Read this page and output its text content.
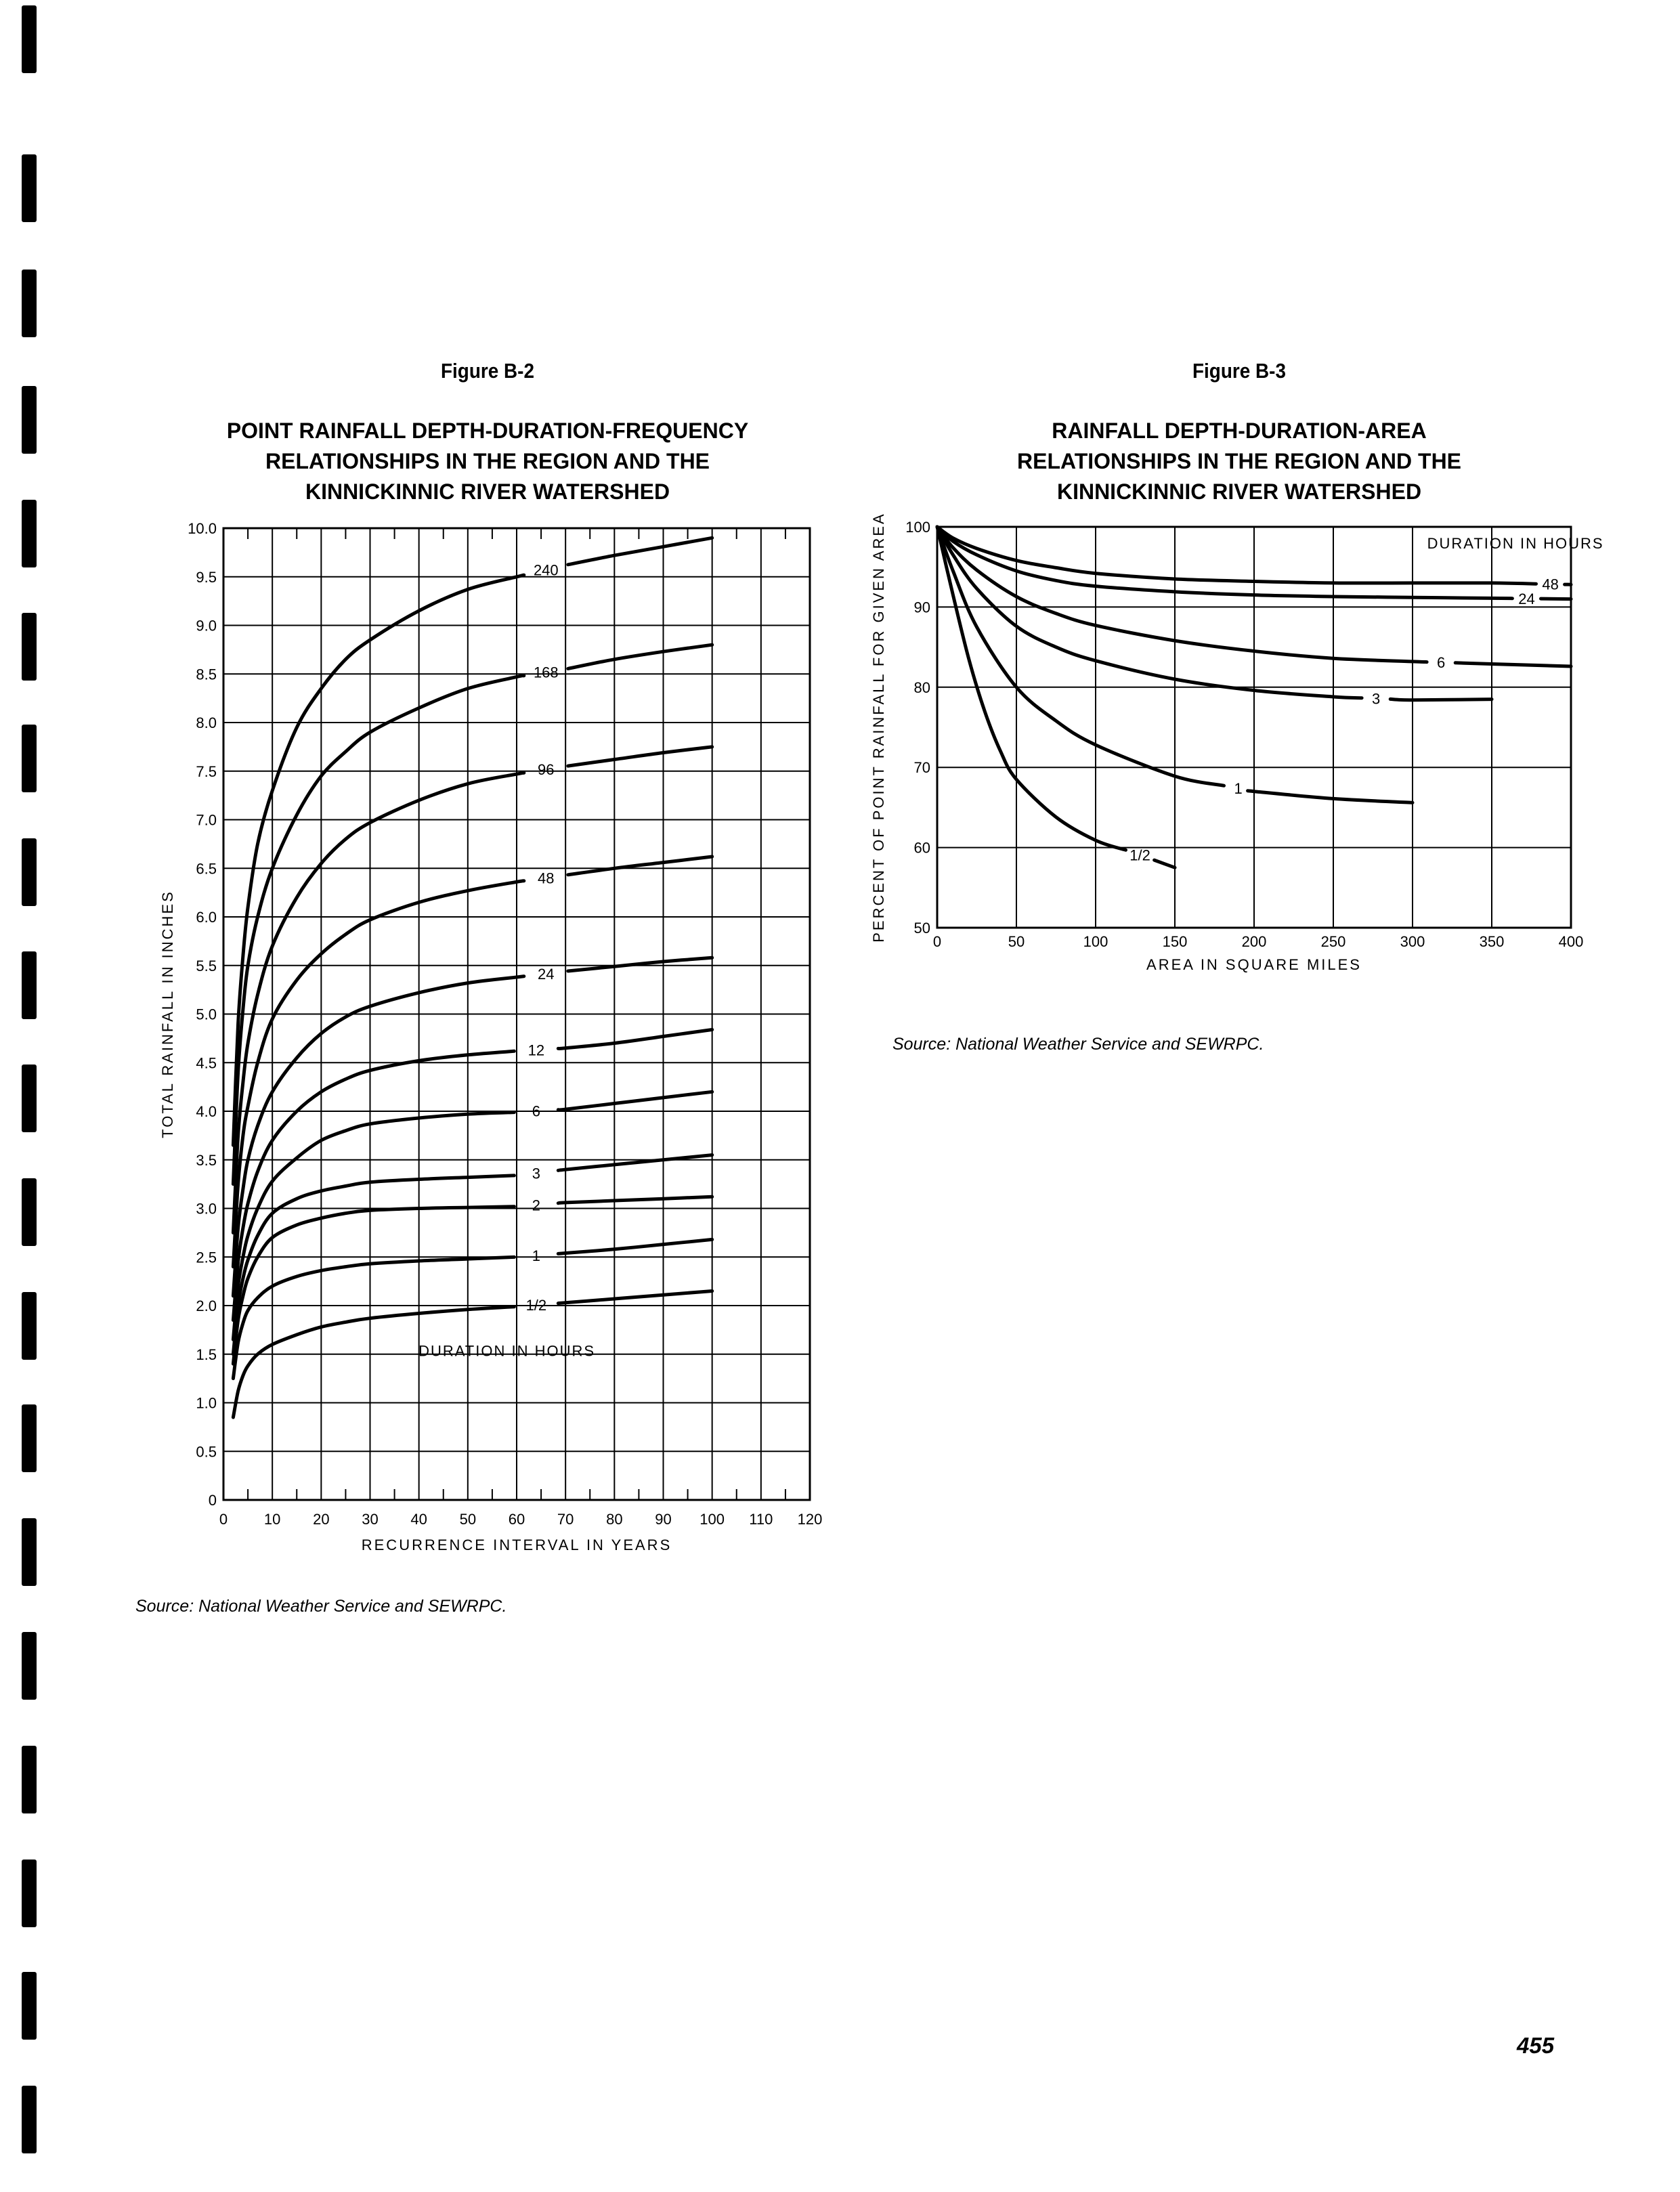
Figure B-2
POINT RAINFALL DEPTH-DURATION-FREQUENCY
RELATIONSHIPS IN THE REGION AND THE
KINNICKINNIC RIVER WATERSHED
Figure B-3
RAINFALL DEPTH-DURATION-AREA
RELATIONSHIPS IN THE REGION AND THE
KINNICKINNIC RIVER WATERSHED
0 10 20 30 40 50 60 70 80 90 100 110 120
0
0.5
1.0
1.5
2.0
2.5
3.0
3.5
4.0
4.5
5.0
5.5
6.0
6.5
7.0
7.5
8.0
8.5
9.0
9.5
10.0
RECURRENCE INTERVAL IN YEARS
TOTAL RAINFALL IN INCHES
DURATION IN HOURS
240
168
96
48
24
12
6
3
2
1
1/2
0	50	100	150	200	250	300	350	400
50
60
70
80
90
100
AREA IN SQUARE MILES
PERCENT OF POINT RAINFALL FOR GIVEN AREA	DURATION IN HOURS
48
24
6
3
1
1/2
Source: National Weather Service and SEWRPC.
Source: National Weather Service and SEWRPC.
455
